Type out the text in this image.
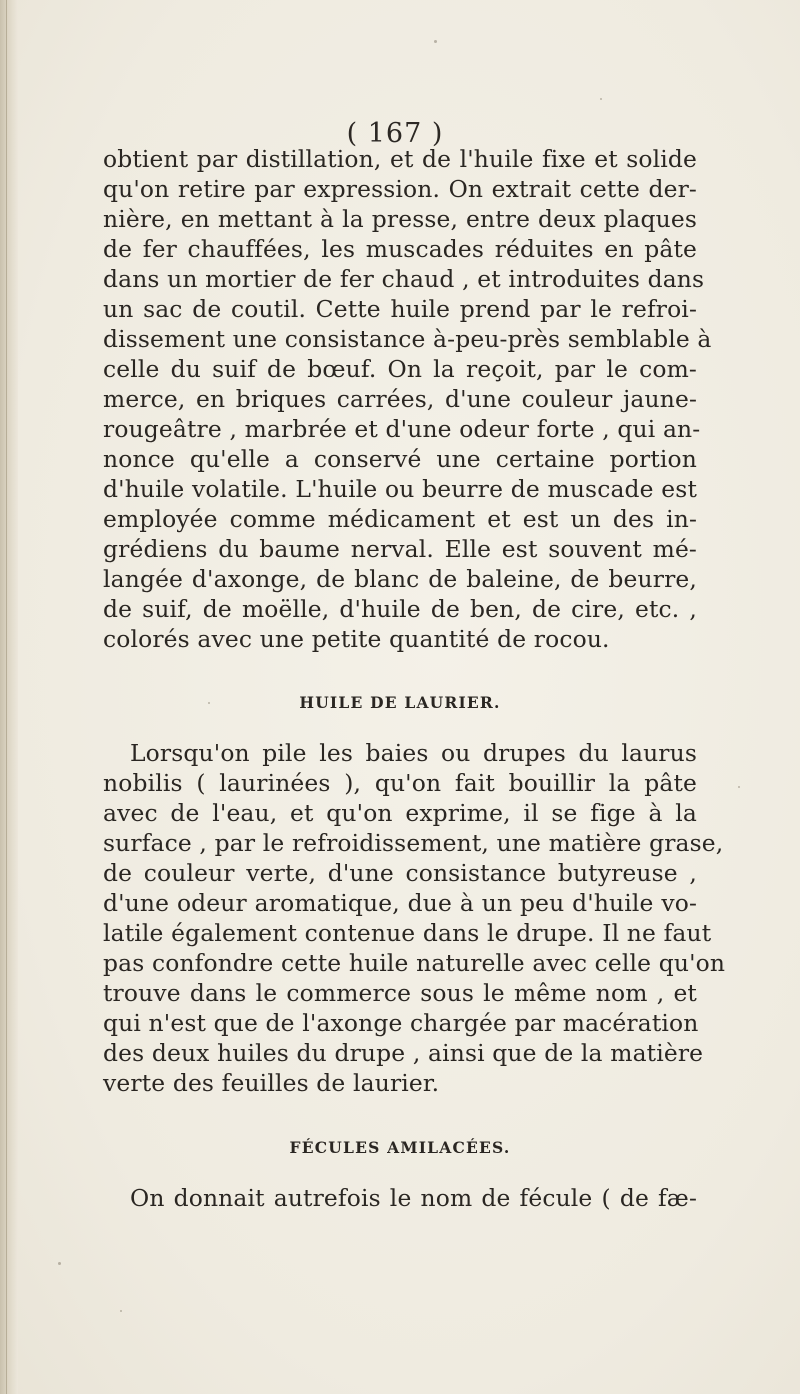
( 167 )
obtient par distillation, et de l'huile fixe et solide
qu'on retire par expression. On extrait cette der-
nière, en mettant à la presse, entre deux plaques
de fer chauffées, les muscades réduites en pâte
dans un mortier de fer chaud , et introduites dans
un sac de coutil. Cette huile prend par le refroi-
dissement une consistance à-peu-près semblable à
celle du suif de bœuf. On la reçoit, par le com-
merce, en briques carrées, d'une couleur jaune-
rougeâtre , marbrée et d'une odeur forte , qui an-
nonce qu'elle a conservé une certaine portion
d'huile volatile. L'huile ou beurre de muscade est
employée comme médicament et est un des in-
grédiens du baume nerval. Elle est souvent mé-
langée d'axonge, de blanc de baleine, de beurre,
de suif, de moëlle, d'huile de ben, de cire, etc. ,
colorés avec une petite quantité de rocou.
HUILE DE LAURIER.
Lorsqu'on pile les baies ou drupes du laurus
nobilis ( laurinées ), qu'on fait bouillir la pâte
avec de l'eau, et qu'on exprime, il se fige à la
surface , par le refroidissement, une matière grase,
de couleur verte, d'une consistance butyreuse ,
d'une odeur aromatique, due à un peu d'huile vo-
latile également contenue dans le drupe. Il ne faut
pas confondre cette huile naturelle avec celle qu'on
trouve dans le commerce sous le même nom , et
qui n'est que de l'axonge chargée par macération
des deux huiles du drupe , ainsi que de la matière
verte des feuilles de laurier.
FÉCULES AMILACÉES.
On donnait autrefois le nom de fécule ( de fæ-
